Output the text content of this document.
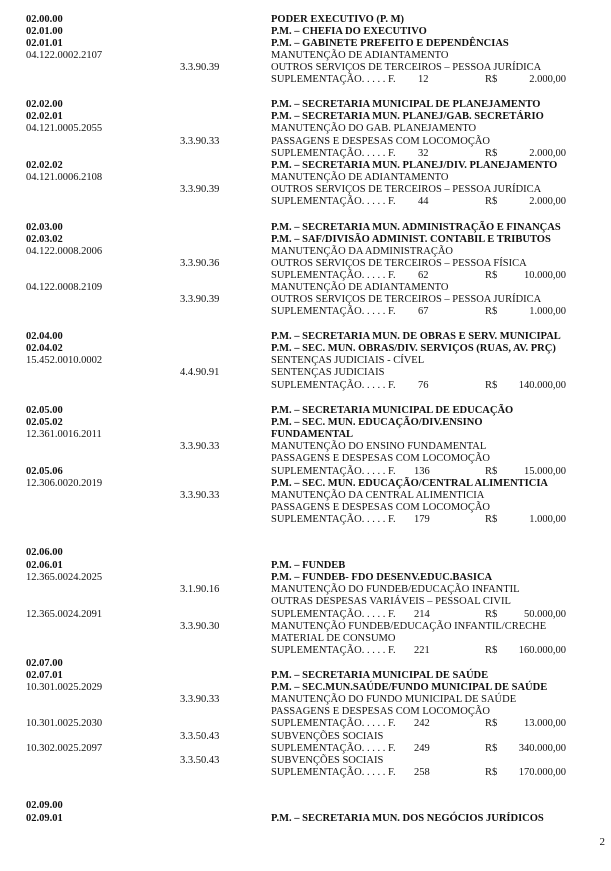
02.00.00	PODER EXECUTIVO (P. M)
02.01.00	P.M. – CHEFIA DO EXECUTIVO
02.01.01	P.M. – GABINETE PREFEITO E DEPENDÊNCIAS
04.122.0002.2107	MANUTENÇÃO DE ADIANTAMENTO
3.3.90.39	OUTROS SERVIÇOS DE TERCEIROS – PESSOA JURÍDICA
SUPLEMENTAÇÃO. . . . . F. 12	R$	2.000,00
02.02.00	P.M. – SECRETARIA MUNICIPAL DE PLANEJAMENTO
02.02.01	P.M. – SECRETARIA MUN. PLANEJ/GAB. SECRETÁRIO
04.121.0005.2055	MANUTENÇÃO DO GAB. PLANEJAMENTO
3.3.90.33	PASSAGENS E DESPESAS COM LOCOMOÇÃO
SUPLEMENTAÇÃO. . . . . F. 32	R$	2.000,00
02.02.02	P.M. – SECRETARIA MUN. PLANEJ/DIV. PLANEJAMENTO
04.121.0006.2108	MANUTENÇÃO DE ADIANTAMENTO
3.3.90.39	OUTROS SERVIÇOS DE TERCEIROS – PESSOA JURÍDICA
SUPLEMENTAÇÃO. . . . . F. 44	R$	2.000,00
02.03.00	P.M. – SECRETARIA MUN. ADMINISTRAÇÃO E FINANÇAS
02.03.02	P.M. – SAF/DIVISÃO ADMINIST. CONTABIL E TRIBUTOS
04.122.0008.2006	MANUTENÇÃO DA ADMINISTRAÇÃO
3.3.90.36	OUTROS SERVIÇOS DE TERCEIROS – PESSOA FÍSICA
SUPLEMENTAÇÃO. . . . . F. 62	R$	10.000,00
04.122.0008.2109	MANUTENÇÃO DE ADIANTAMENTO
3.3.90.39	OUTROS SERVIÇOS DE TERCEIROS – PESSOA JURÍDICA
SUPLEMENTAÇÃO. . . . . F. 67	R$	1.000,00
02.04.00	P.M. – SECRETARIA MUN. DE OBRAS E SERV. MUNICIPAL
02.04.02	P.M. – SEC. MUN. OBRAS/DIV. SERVIÇOS (RUAS, AV. PRÇ)
15.452.0010.0002	SENTENÇAS JUDICIAIS - CÍVEL
4.4.90.91	SENTENÇAS JUDICIAIS
SUPLEMENTAÇÃO. . . . . F. 76	R$ 140.000,00
02.05.00	P.M. – SECRETARIA MUNICIPAL DE EDUCAÇÃO
02.05.02	P.M. – SEC. MUN. EDUCAÇÃO/DIV.ENSINO
12.361.0016.2011	FUNDAMENTAL
3.3.90.33	MANUTENÇÃO DO ENSINO FUNDAMENTAL
PASSAGENS E DESPESAS COM LOCOMOÇÃO
02.05.06	SUPLEMENTAÇÃO. . . . . F. 136	R$	15.000,00
12.306.0020.2019	P.M. – SEC. MUN. EDUCAÇÃO/CENTRAL ALIMENTICIA
3.3.90.33	MANUTENÇÃO DA CENTRAL ALIMENTICIA
PASSAGENS E DESPESAS COM LOCOMOÇÃO
SUPLEMENTAÇÃO. . . . . F. 179	R$	1.000,00
02.06.00
02.06.01	P.M. – FUNDEB
12.365.0024.2025	P.M. – FUNDEB- FDO DESENV.EDUC.BASICA
3.1.90.16	MANUTENÇÃO DO FUNDEB/EDUCAÇÃO INFANTIL
OUTRAS DESPESAS VARIÁVEIS – PESSOAL CIVIL
12.365.0024.2091	SUPLEMENTAÇÃO. . . . . F. 214	R$	50.000,00
3.3.90.30	MANUTENÇÃO FUNDEB/EDUCAÇÃO INFANTIL/CRECHE
MATERIAL DE CONSUMO
SUPLEMENTAÇÃO. . . . . F. 221	R$ 160.000,00
02.07.00
02.07.01	P.M. – SECRETARIA MUNICIPAL DE SAÚDE
10.301.0025.2029	P.M. – SEC.MUN.SAÚDE/FUNDO MUNICIPAL DE SAÚDE
3.3.90.33	MANUTENÇÃO DO FUNDO MUNICIPAL DE SAÚDE
PASSAGENS E DESPESAS COM LOCOMOÇÃO
10.301.0025.2030	SUPLEMENTAÇÃO. . . . . F. 242	R$	13.000,00
3.3.50.43	SUBVENÇÕES SOCIAIS
10.302.0025.2097	SUPLEMENTAÇÃO. . . . . F. 249	R$ 340.000,00
3.3.50.43	SUBVENÇÕES SOCIAIS
SUPLEMENTAÇÃO. . . . . F. 258	R$ 170.000,00
02.09.00
02.09.01	P.M. – SECRETARIA MUN. DOS NEGÓCIOS JURÍDICOS
2
